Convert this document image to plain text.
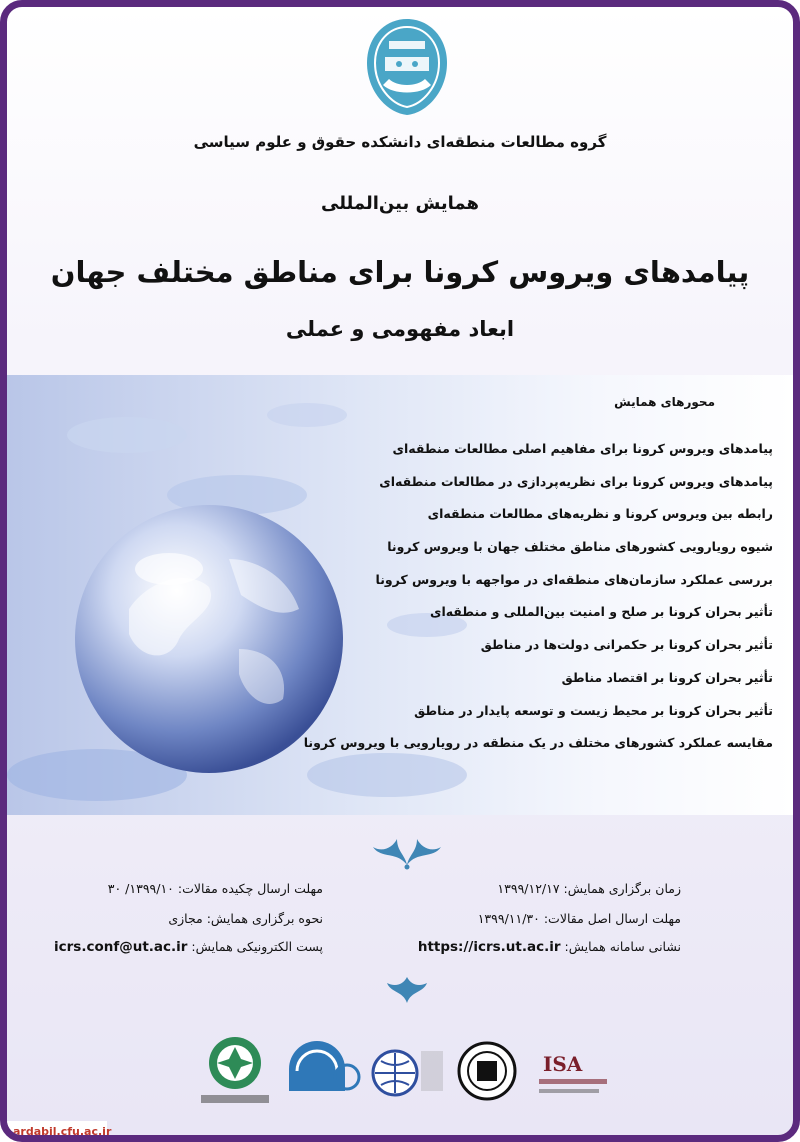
گروه مطالعات منطقه‌ای دانشکده حقوق و علوم سیاسی
همایش بین‌المللی
پیامدهای ویروس کرونا برای مناطق مختلف جهان
ابعاد مفهومی و عملی
محورهای همایش
پیامدهای ویروس کرونا برای مفاهیم اصلی مطالعات منطقه‌ای
پیامدهای ویروس کرونا برای نظریه‌پردازی در مطالعات منطقه‌ای
رابطه بین ویروس کرونا و نظریه‌های مطالعات منطقه‌ای
شیوه رویارویی کشورهای مناطق مختلف جهان با ویروس کرونا
بررسی عملکرد سازمان‌های منطقه‌ای در مواجهه با ویروس کرونا
تأثیر بحران کرونا بر صلح و امنیت بین‌المللی و منطقه‌ای
تأثیر بحران کرونا بر حکمرانی دولت‌ها در مناطق
تأثیر بحران کرونا بر اقتصاد مناطق
تأثیر بحران کرونا بر محیط زیست و توسعه پایدار در مناطق
مقایسه عملکرد کشورهای مختلف در یک منطقه در رویارویی با ویروس کرونا
زمان برگزاری همایش: ۱۳۹۹/۱۲/۱۷
مهلت ارسال اصل مقالات: ۱۳۹۹/۱۱/۳۰
نشانی سامانه همایش: https://icrs.ut.ac.ir
مهلت ارسال چکیده مقالات: ۱۳۹۹/۱۰/ ۳۰
نحوه برگزاری همایش: مجازی
پست الکترونیکی همایش: icrs.conf@ut.ac.ir
ISA
ardabil.cfu.ac.ir
